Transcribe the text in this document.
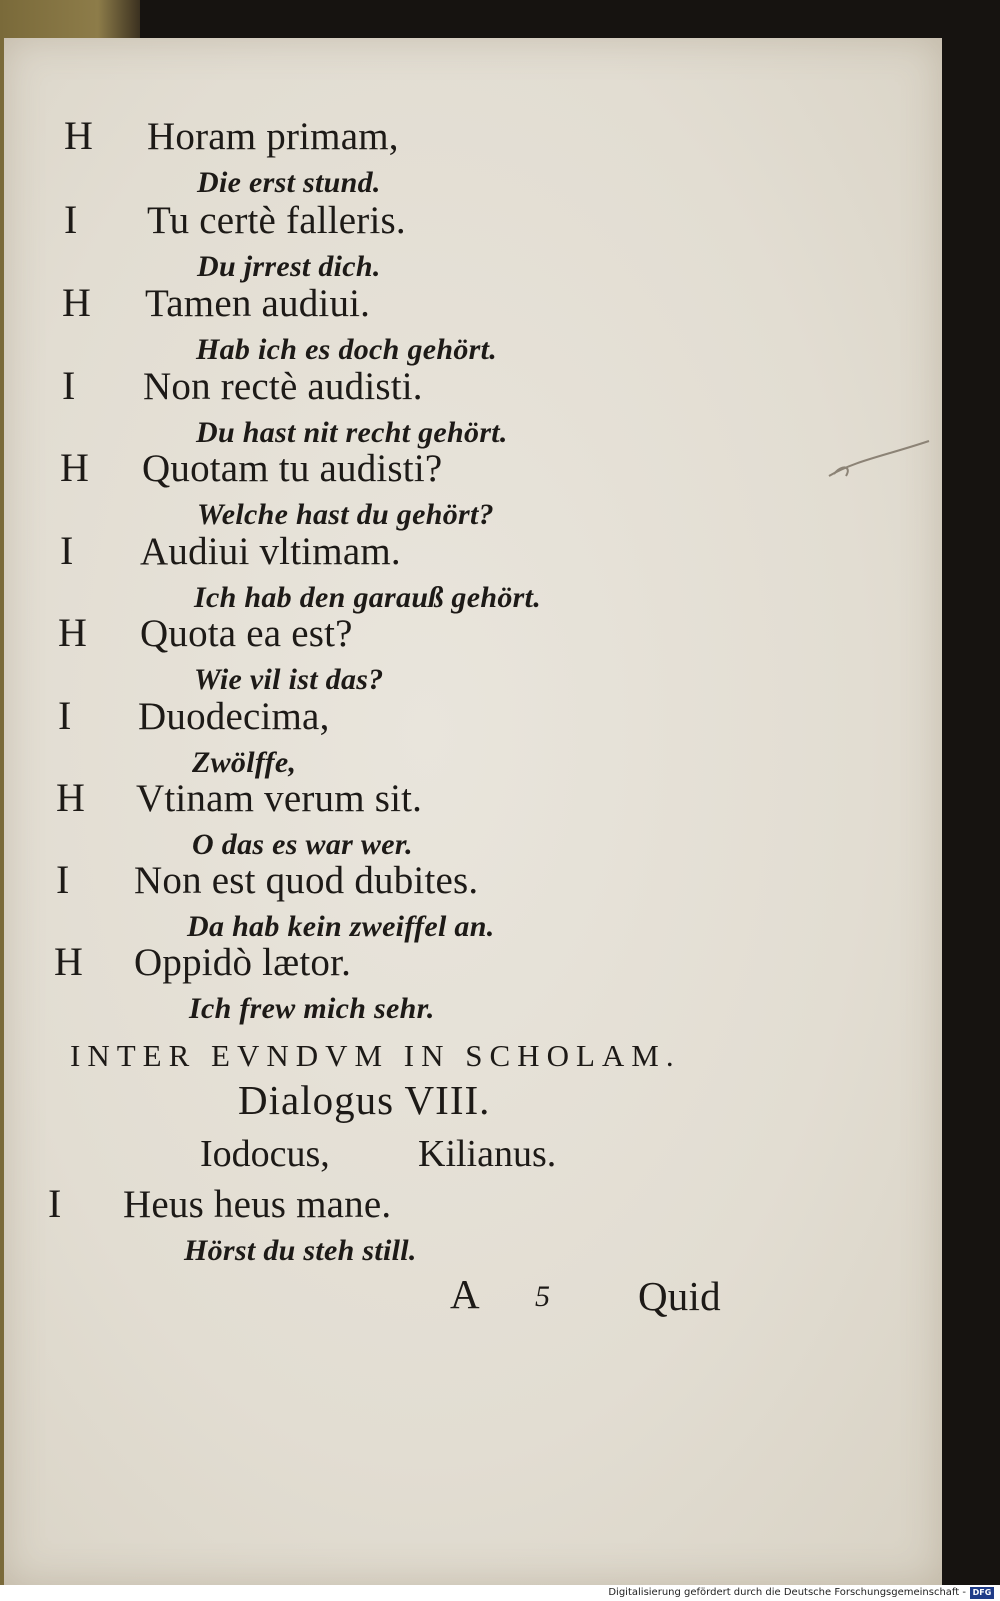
H Horam primam,
Die erst stund.
I Tu certè falleris.
Du jrrest dich.
H Tamen audiui.
Hab ich es doch gehört.
I Non rectè audisti.
Du hast nit recht gehört.
H Quotam tu audisti?
Welche hast du gehört?
I Audiui vltimam.
Ich hab den garauß gehört.
H Quota ea est?
Wie vil ist das?
I Duodecima,
Zwölffe,
H Vtinam verum sit.
O das es war wer.
I Non est quod dubites.
Da hab kein zweiffel an.
H Oppidò lætor.
Ich frew mich sehr.
INTER EVNDVM IN SCHOLAM.
Dialogus VIII.
Iodocus, Kilianus.
I Heus heus mane.
Hörst du steh still.
A 5 Quid
Digitalisierung gefördert durch die Deutsche Forschungsgemeinschaft - DFG
